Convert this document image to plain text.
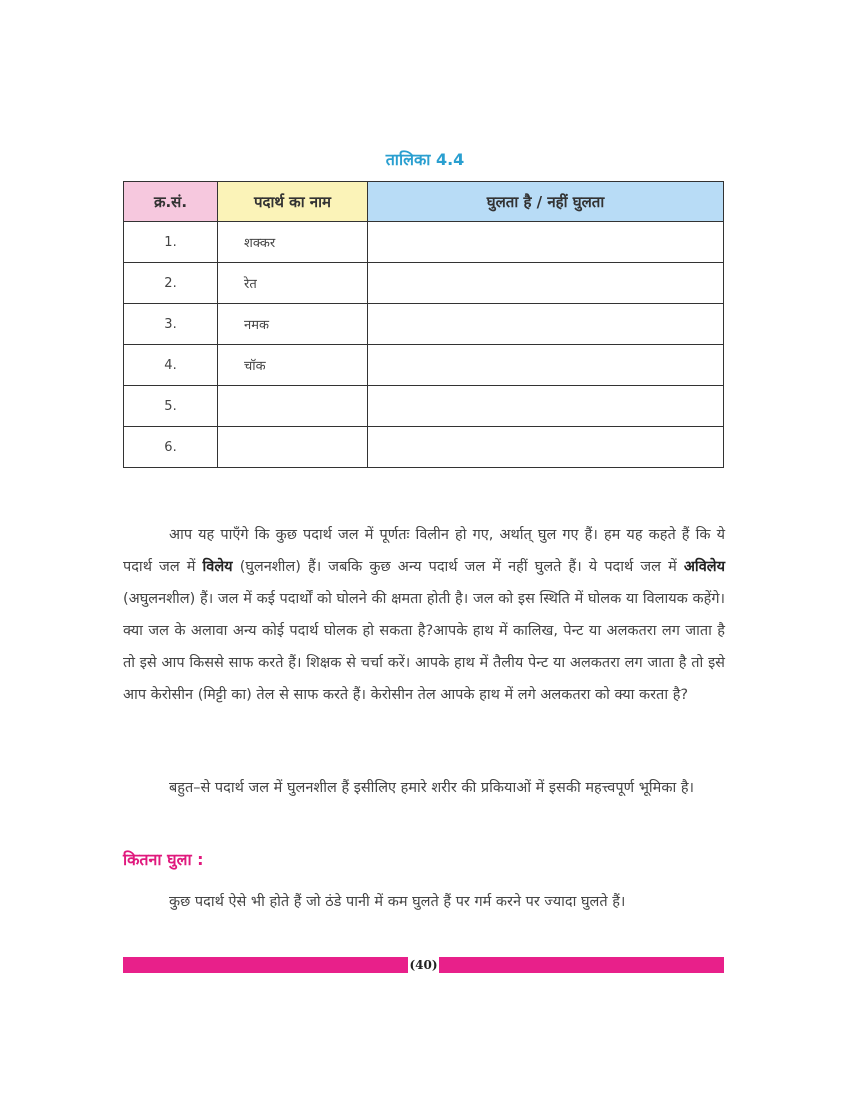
तालिका 4.4
क्र.सं.	पदार्थ का नाम	घुलता है / नहीं घुलता
1.	शक्कर	
2.	रेत	
3.	नमक	
4.	चॉक	
5.		
6.		

आप यह पाएँगे कि कुछ पदार्थ जल में पूर्णतः विलीन हो गए, अर्थात् घुल गए हैं। हम यह कहते हैं कि ये पदार्थ जल में विलेय (घुलनशील) हैं। जबकि कुछ अन्य पदार्थ जल में नहीं घुलते हैं। ये पदार्थ जल में अविलेय (अघुलनशील) हैं। जल में कई पदार्थों को घोलने की क्षमता होती है। जल को इस स्थिति में घोलक या विलायक कहेंगे। क्या जल के अलावा अन्य कोई पदार्थ घोलक हो सकता है?आपके हाथ में कालिख, पेन्ट या अलकतरा लग जाता है तो इसे आप किससे साफ करते हैं। शिक्षक से चर्चा करें। आपके हाथ में तैलीय पेन्ट या अलकतरा लग जाता है तो इसे आप केरोसीन (मिट्टी का) तेल से साफ करते हैं। केरोसीन तेल आपके हाथ में लगे अलकतरा को क्या करता है?

बहुत–से पदार्थ जल में घुलनशील हैं इसीलिए हमारे शरीर की प्रकियाओं में इसकी महत्त्वपूर्ण भूमिका है।

कितना घुला :

कुछ पदार्थ ऐसे भी होते हैं जो ठंडे पानी में कम घुलते हैं पर गर्म करने पर ज्यादा घुलते हैं।

(40)
